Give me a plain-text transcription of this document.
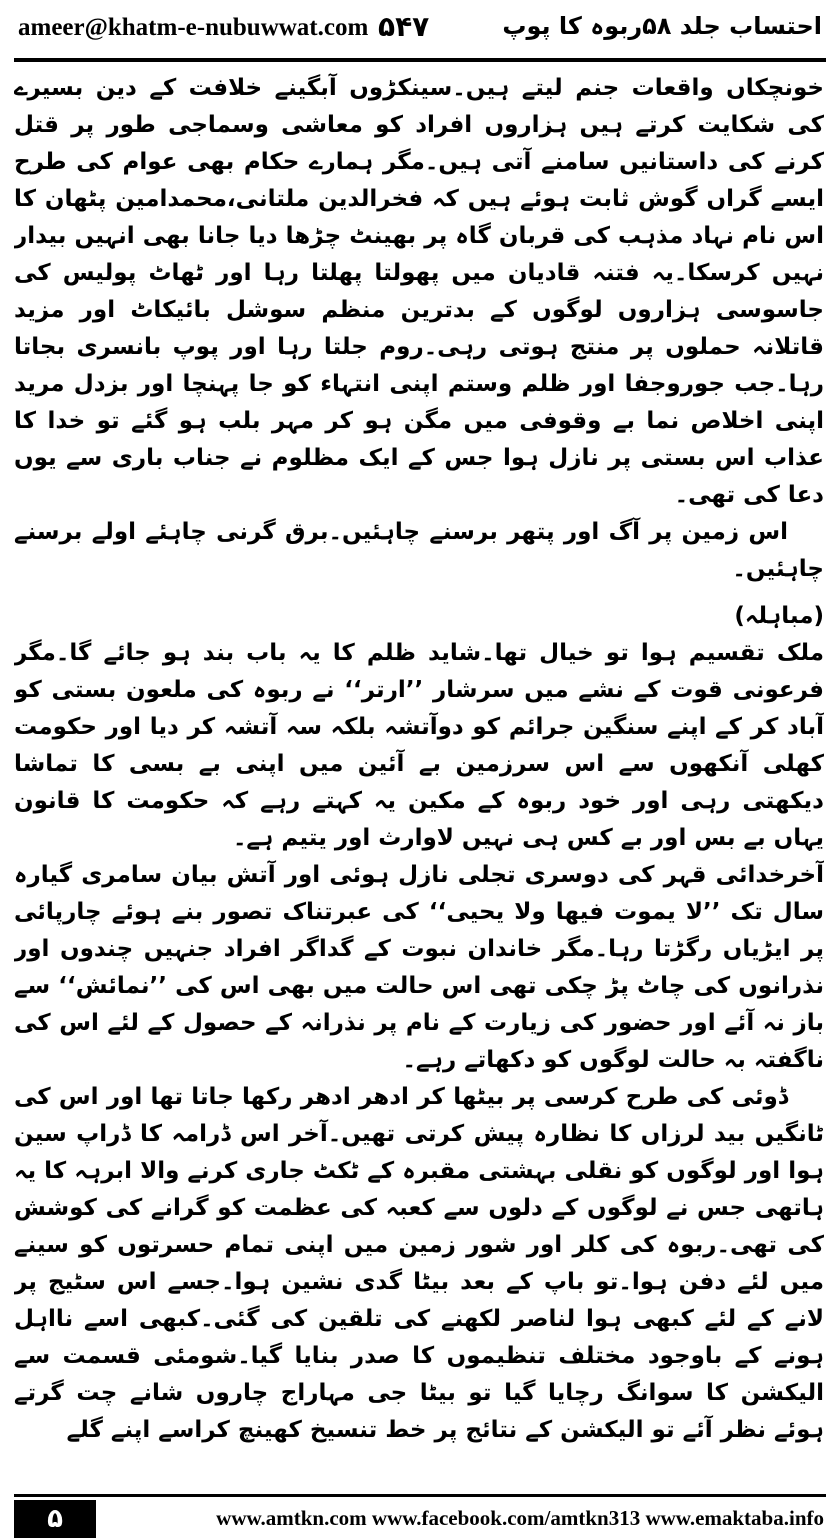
ameer@khatm-e-nubuwwat.com ۵۴۷	احتساب جلد ۵۸ربوہ کا پوپ

خونچکاں واقعات جنم لیتے ہیں۔سینکڑوں آبگینے خلافت کے دین بسیرے کی شکایت کرتے ہیں ہزاروں افراد کو معاشی وسماجی طور پر قتل کرنے کی داستانیں سامنے آتی ہیں۔مگر ہمارے حکام بھی عوام کی طرح ایسے گراں گوش ثابت ہوئے ہیں کہ فخرالدین ملتانی،محمدامین پٹھان کا اس نام نہاد مذہب کی قربان گاہ پر بھینٹ چڑھا دیا جانا بھی انہیں بیدار نہیں کرسکا۔یہ فتنہ قادیان میں پھولتا پھلتا رہا اور ٹھاٹ پولیس کی جاسوسی ہزاروں لوگوں کے بدترین منظم سوشل بائیکاٹ اور مزید قاتلانہ حملوں پر منتج ہوتی رہی۔روم جلتا رہا اور پوپ بانسری بجاتا رہا۔جب جوروجفا اور ظلم وستم اپنی انتہاء کو جا پہنچا اور بزدل مرید اپنی اخلاص نما بے وقوفی میں مگن ہو کر مہر بلب ہو گئے تو خدا کا عذاب اس بستی پر نازل ہوا جس کے ایک مظلوم نے جناب باری سے یوں دعا کی تھی۔

اس زمین پر آگ اور پتھر برسنے چاہئیں۔برق گرنی چاہئے اولے برسنے چاہئیں۔

(مباہلہ)

ملک تقسیم ہوا تو خیال تھا۔شاید ظلم کا یہ باب بند ہو جائے گا۔مگر فرعونی قوت کے نشے میں سرشار ’’ارتر‘‘ نے ربوہ کی ملعون بستی کو آباد کر کے اپنے سنگین جرائم کو دوآتشہ بلکہ سہ آتشہ کر دیا اور حکومت کھلی آنکھوں سے اس سرزمین بے آئین میں اپنی بے بسی کا تماشا دیکھتی رہی اور خود ربوہ کے مکین یہ کہتے رہے کہ حکومت کا قانون یہاں بے بس اور بے کس ہی نہیں لاوارث اور یتیم ہے۔

آخرخدائی قہر کی دوسری تجلی نازل ہوئی اور آتش بیان سامری گیارہ سال تک ’’لا یموت فیھا ولا یحیی‘‘ کی عبرتناک تصور بنے ہوئے چارپائی پر ایڑیاں رگڑتا رہا۔مگر خاندان نبوت کے گداگر افراد جنہیں چندوں اور نذرانوں کی چاٹ پڑ چکی تھی اس حالت میں بھی اس کی ’’نمائش‘‘ سے باز نہ آئے اور حضور کی زیارت کے نام پر نذرانہ کے حصول کے لئے اس کی ناگفتہ بہ حالت لوگوں کو دکھاتے رہے۔

ڈوئی کی طرح کرسی پر بیٹھا کر ادھر ادھر رکھا جاتا تھا اور اس کی ٹانگیں بید لرزاں کا نظارہ پیش کرتی تھیں۔آخر اس ڈرامہ کا ڈراپ سین ہوا اور لوگوں کو نقلی بہشتی مقبرہ کے ٹکٹ جاری کرنے والا ابرہہ کا یہ ہاتھی جس نے لوگوں کے دلوں سے کعبہ کی عظمت کو گرانے کی کوشش کی تھی۔ربوہ کی کلر اور شور زمین میں اپنی تمام حسرتوں کو سینے میں لئے دفن ہوا۔تو باپ کے بعد بیٹا گدی نشین ہوا۔جسے اس سٹیج پر لانے کے لئے کبھی ہوا لناصر لکھنے کی تلقین کی گئی۔کبھی اسے نااہل ہونے کے باوجود مختلف تنظیموں کا صدر بنایا گیا۔شومئی قسمت سے الیکشن کا سوانگ رچایا گیا تو بیٹا جی مہاراج چاروں شانے چت گرتے ہوئے نظر آئے تو الیکشن کے نتائج پر خط تنسیخ کھینچ کراسے اپنے گلے

۵	www.amtkn.com www.facebook.com/amtkn313 www.emaktaba.info
